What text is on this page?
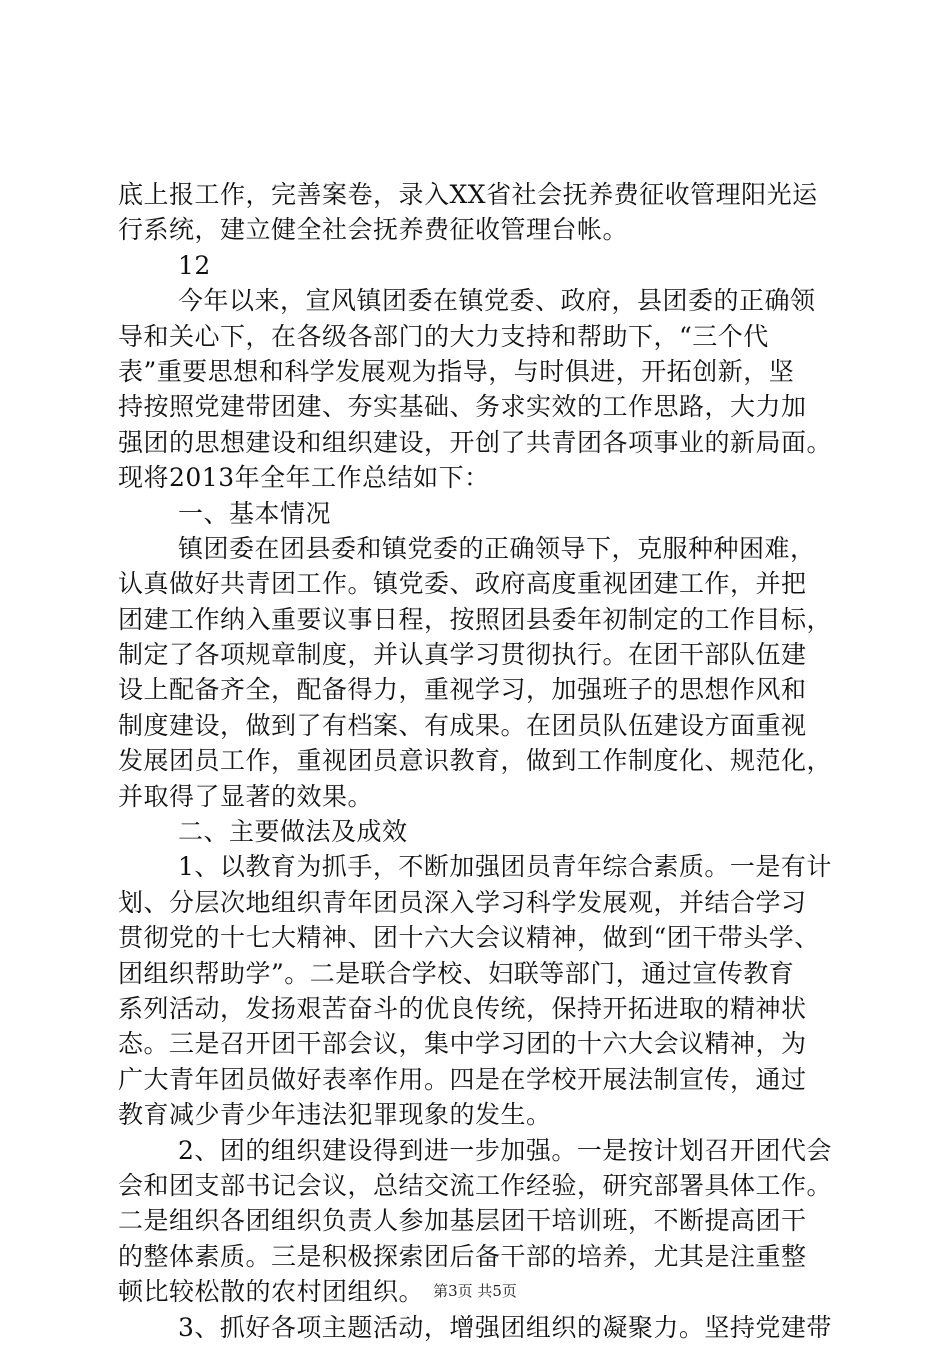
底上报工作，完善案卷，录入XX省社会抚养费征收管理阳光运
行系统，建立健全社会抚养费征收管理台帐。
12
今年以来，宣风镇团委在镇党委、政府，县团委的正确领
导和关心下，在各级各部门的大力支持和帮助下，“三个代
表”重要思想和科学发展观为指导，与时俱进，开拓创新，坚
持按照党建带团建、夯实基础、务求实效的工作思路，大力加
强团的思想建设和组织建设，开创了共青团各项事业的新局面。
现将2013年全年工作总结如下：
一、基本情况
镇团委在团县委和镇党委的正确领导下，克服种种困难，
认真做好共青团工作。镇党委、政府高度重视团建工作，并把
团建工作纳入重要议事日程，按照团县委年初制定的工作目标，
制定了各项规章制度，并认真学习贯彻执行。在团干部队伍建
设上配备齐全，配备得力，重视学习，加强班子的思想作风和
制度建设，做到了有档案、有成果。在团员队伍建设方面重视
发展团员工作，重视团员意识教育，做到工作制度化、规范化，
并取得了显著的效果。
二、主要做法及成效
1、以教育为抓手，不断加强团员青年综合素质。一是有计
划、分层次地组织青年团员深入学习科学发展观，并结合学习
贯彻党的十七大精神、团十六大会议精神，做到“团干带头学、
团组织帮助学”。二是联合学校、妇联等部门，通过宣传教育
系列活动，发扬艰苦奋斗的优良传统，保持开拓进取的精神状
态。三是召开团干部会议，集中学习团的十六大会议精神，为
广大青年团员做好表率作用。四是在学校开展法制宣传，通过
教育减少青少年违法犯罪现象的发生。
2、团的组织建设得到进一步加强。一是按计划召开团代会
会和团支部书记会议，总结交流工作经验，研究部署具体工作。
二是组织各团组织负责人参加基层团干培训班，不断提高团干
的整体素质。三是积极探索团后备干部的培养，尤其是注重整
顿比较松散的农村团组织。
3、抓好各项主题活动，增强团组织的凝聚力。坚持党建带
第3页 共5页
